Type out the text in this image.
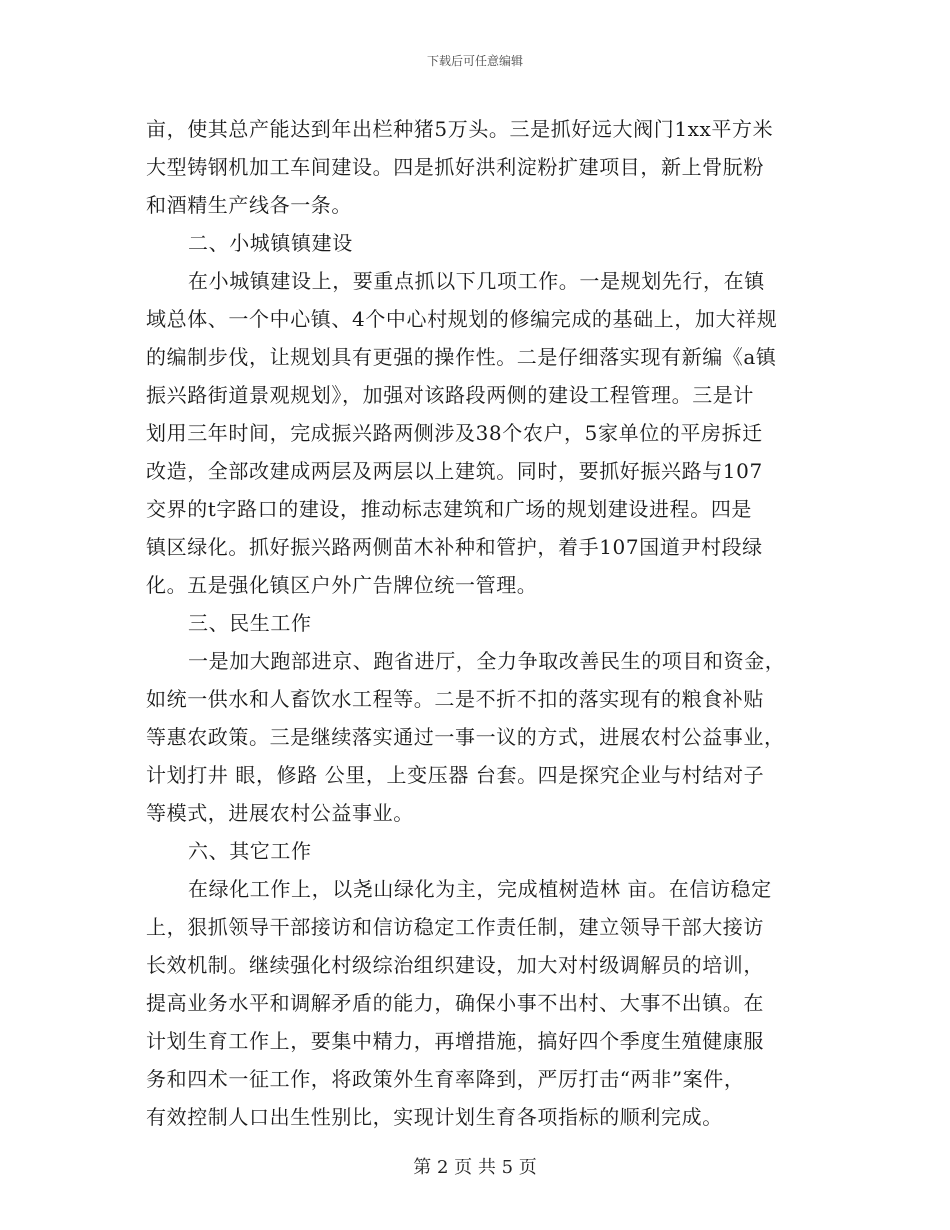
下载后可任意编辑
亩，使其总产能达到年出栏种猪5万头。三是抓好远大阀门1xx平方米
大型铸钢机加工车间建设。四是抓好洪利淀粉扩建项目，新上骨朊粉
和酒精生产线各一条。
二、小城镇镇建设
在小城镇建设上，要重点抓以下几项工作。一是规划先行，在镇
域总体、一个中心镇、4个中心村规划的修编完成的基础上，加大祥规
的编制步伐，让规划具有更强的操作性。二是仔细落实现有新编《a镇
振兴路街道景观规划》，加强对该路段两侧的建设工程管理。三是计
划用三年时间，完成振兴路两侧涉及38个农户，5家单位的平房拆迁
改造，全部改建成两层及两层以上建筑。同时，要抓好振兴路与107
交界的t字路口的建设，推动标志建筑和广场的规划建设进程。四是
镇区绿化。抓好振兴路两侧苗木补种和管护，着手107国道尹村段绿
化。五是强化镇区户外广告牌位统一管理。
三、民生工作
一是加大跑部进京、跑省进厅，全力争取改善民生的项目和资金，
如统一供水和人畜饮水工程等。二是不折不扣的落实现有的粮食补贴
等惠农政策。三是继续落实通过一事一议的方式，进展农村公益事业，
计划打井 眼，修路 公里，上变压器 台套。四是探究企业与村结对子
等模式，进展农村公益事业。
六、其它工作
在绿化工作上，以尧山绿化为主，完成植树造林 亩。在信访稳定
上，狠抓领导干部接访和信访稳定工作责任制，建立领导干部大接访
长效机制。继续强化村级综治组织建设，加大对村级调解员的培训，
提高业务水平和调解矛盾的能力，确保小事不出村、大事不出镇。在
计划生育工作上，要集中精力，再增措施，搞好四个季度生殖健康服
务和四术一征工作，将政策外生育率降到，严厉打击“两非”案件，
有效控制人口出生性别比，实现计划生育各项指标的顺利完成。
第 2 页 共 5 页
